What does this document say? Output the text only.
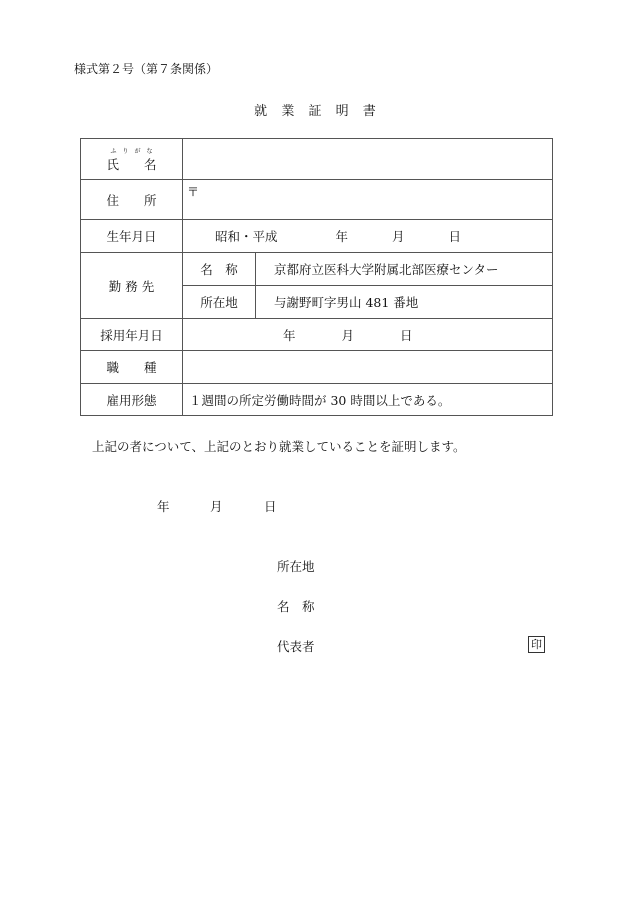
様式第２号（第７条関係）
就 業 証 明 書
ふ り が な
氏　　名		

住　　所	〒	
生年月日	昭和・平成 年 月 日	
勤 務 先	名　称	京都府立医科大学附属北部医療センター
	所在地	与謝野町字男山 481 番地
採用年月日	年 月 日	
職　　種		
雇用形態	１週間の所定労働時間が 30 時間以上である。	
上記の者について、上記のとおり就業していることを証明します。
年	月	日
所在地
名　称
代表者	印
